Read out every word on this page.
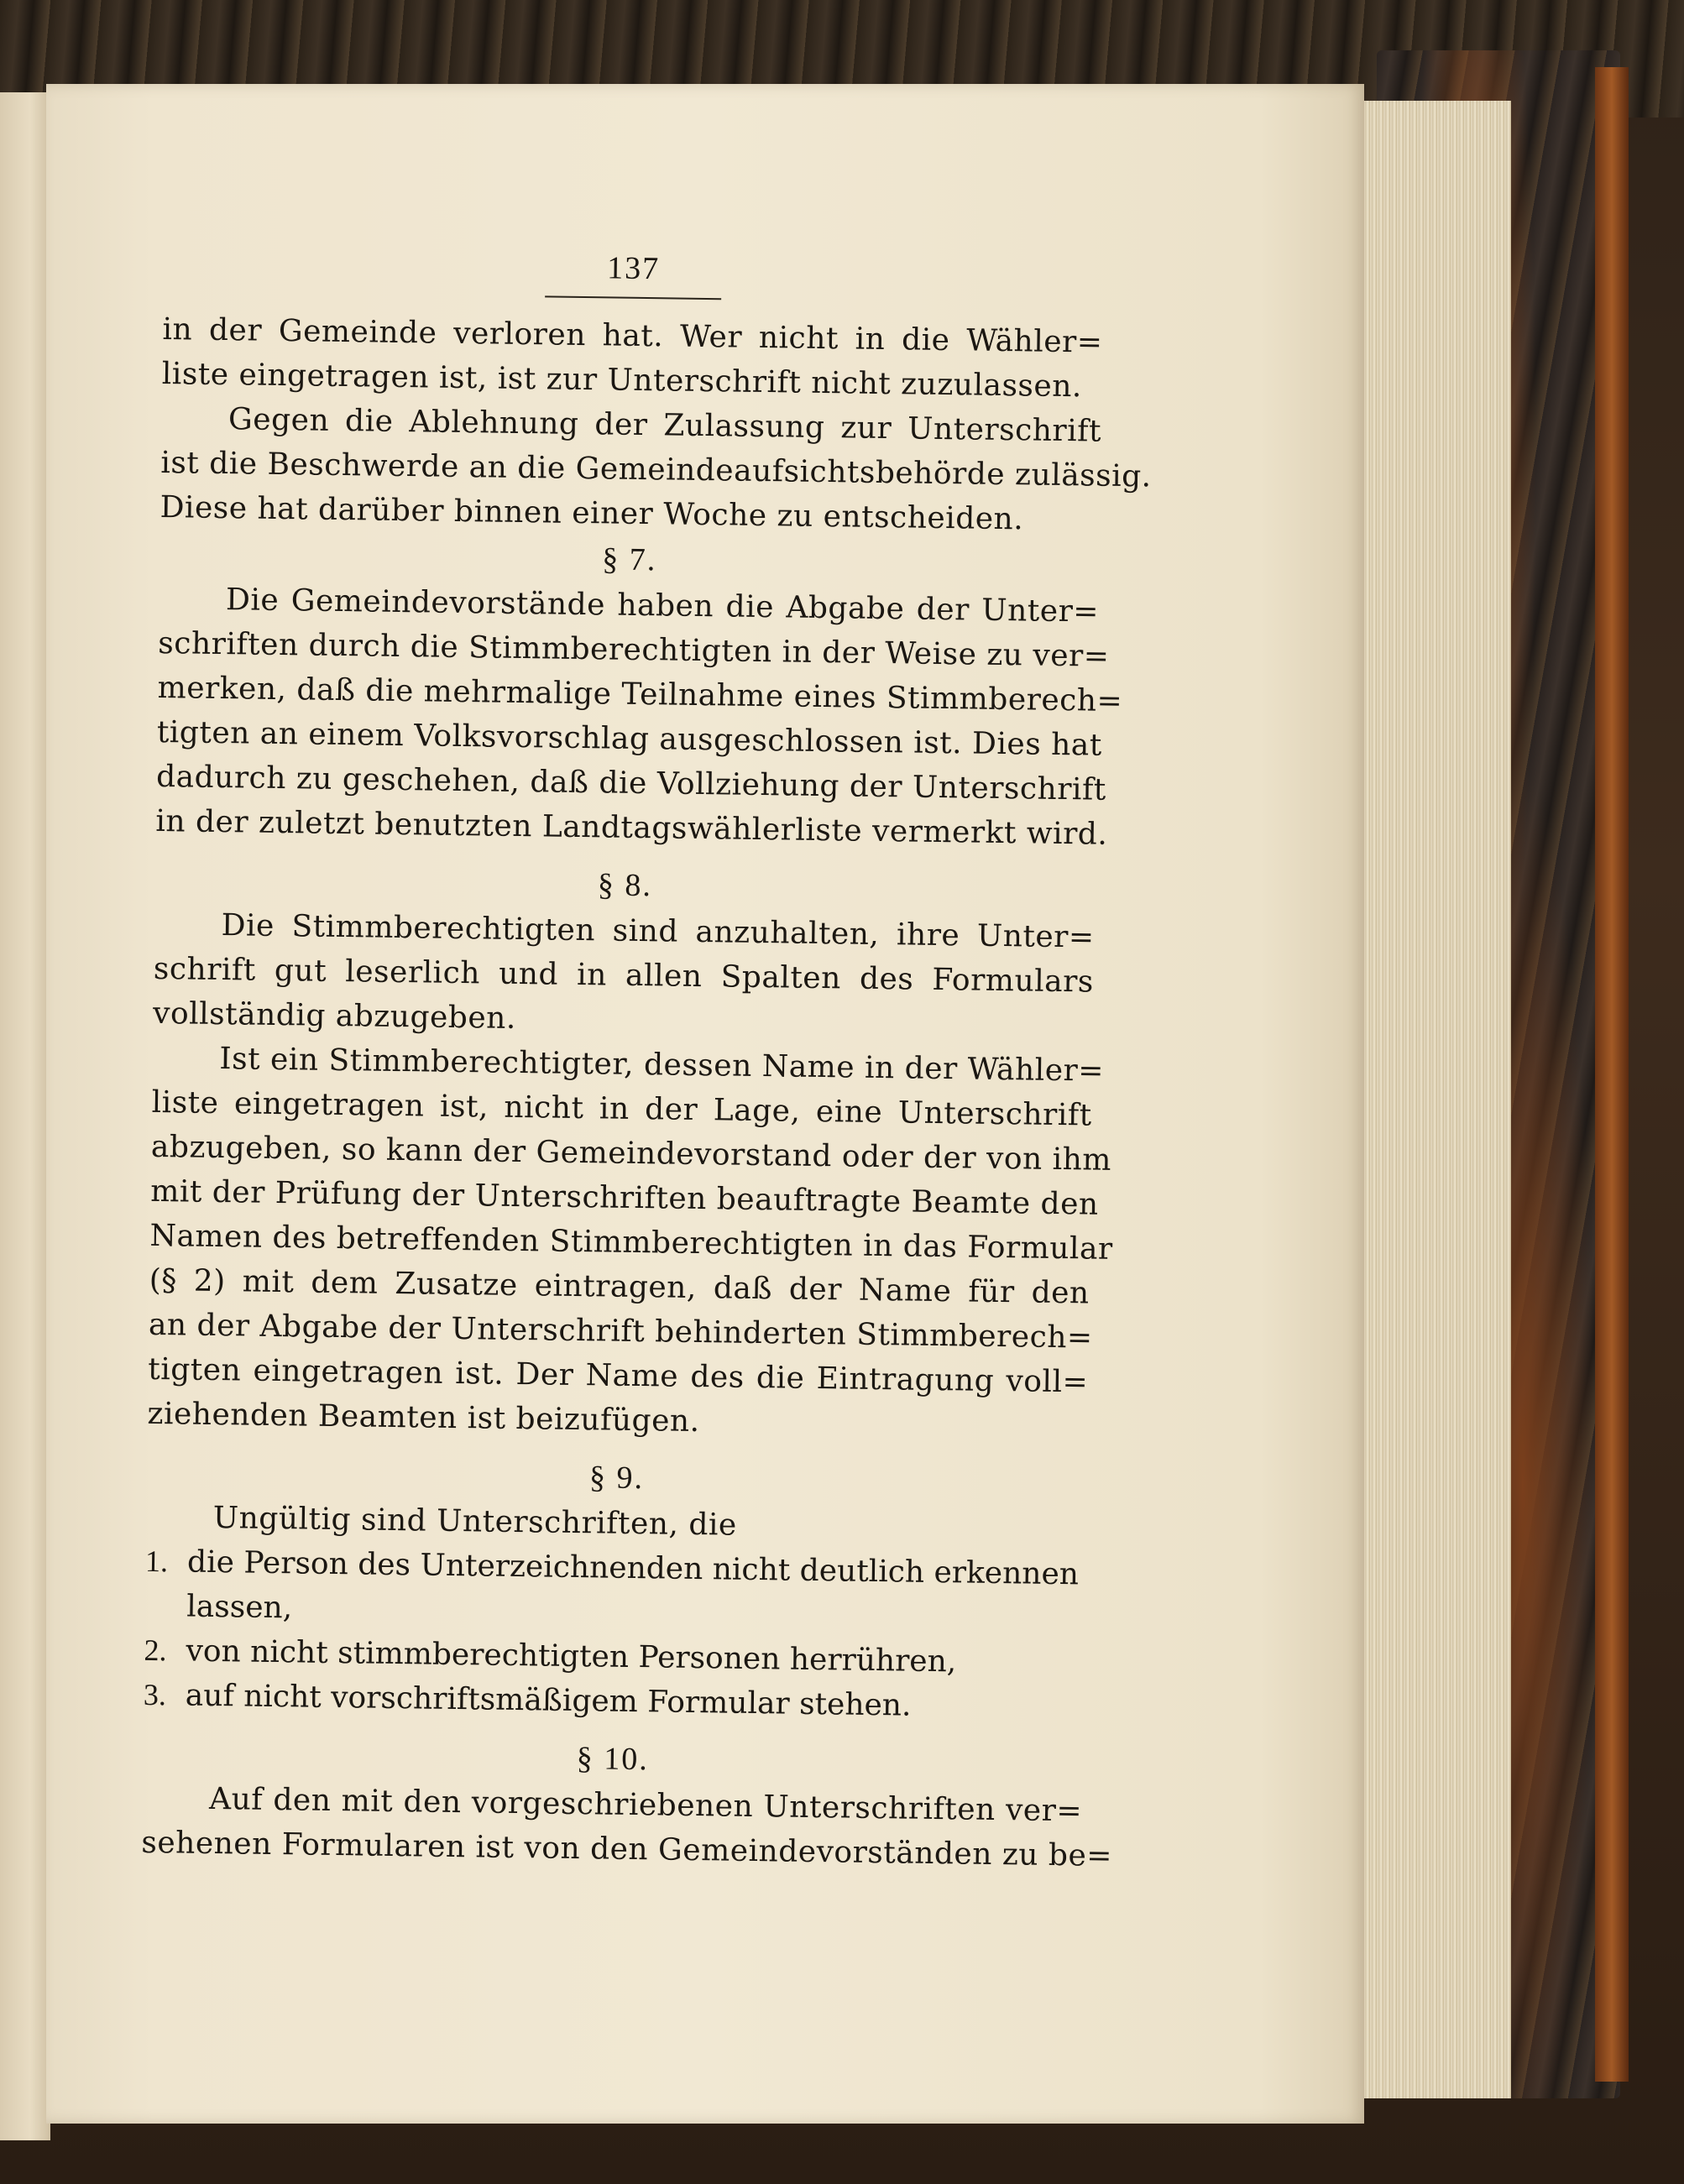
137
in der Gemeinde verloren hat. Wer nicht in die Wähler=
liste eingetragen ist, ist zur Unterschrift nicht zuzulassen.
Gegen die Ablehnung der Zulassung zur Unterschrift
ist die Beschwerde an die Gemeindeaufsichtsbehörde zulässig.
Diese hat darüber binnen einer Woche zu entscheiden.
§ 7.
Die Gemeindevorstände haben die Abgabe der Unter=
schriften durch die Stimmberechtigten in der Weise zu ver=
merken, daß die mehrmalige Teilnahme eines Stimmberech=
tigten an einem Volksvorschlag ausgeschlossen ist. Dies hat
dadurch zu geschehen, daß die Vollziehung der Unterschrift
in der zuletzt benutzten Landtagswählerliste vermerkt wird.
§ 8.
Die Stimmberechtigten sind anzuhalten, ihre Unter=
schrift gut leserlich und in allen Spalten des Formulars
vollständig abzugeben.
Ist ein Stimmberechtigter, dessen Name in der Wähler=
liste eingetragen ist, nicht in der Lage, eine Unterschrift
abzugeben, so kann der Gemeindevorstand oder der von ihm
mit der Prüfung der Unterschriften beauftragte Beamte den
Namen des betreffenden Stimmberechtigten in das Formular
(§ 2) mit dem Zusatze eintragen, daß der Name für den
an der Abgabe der Unterschrift behinderten Stimmberech=
tigten eingetragen ist. Der Name des die Eintragung voll=
ziehenden Beamten ist beizufügen.
§ 9.
Ungültig sind Unterschriften, die
1. die Person des Unterzeichnenden nicht deutlich erkennen
lassen,
2. von nicht stimmberechtigten Personen herrühren,
3. auf nicht vorschriftsmäßigem Formular stehen.
§ 10.
Auf den mit den vorgeschriebenen Unterschriften ver=
sehenen Formularen ist von den Gemeindevorständen zu be=
